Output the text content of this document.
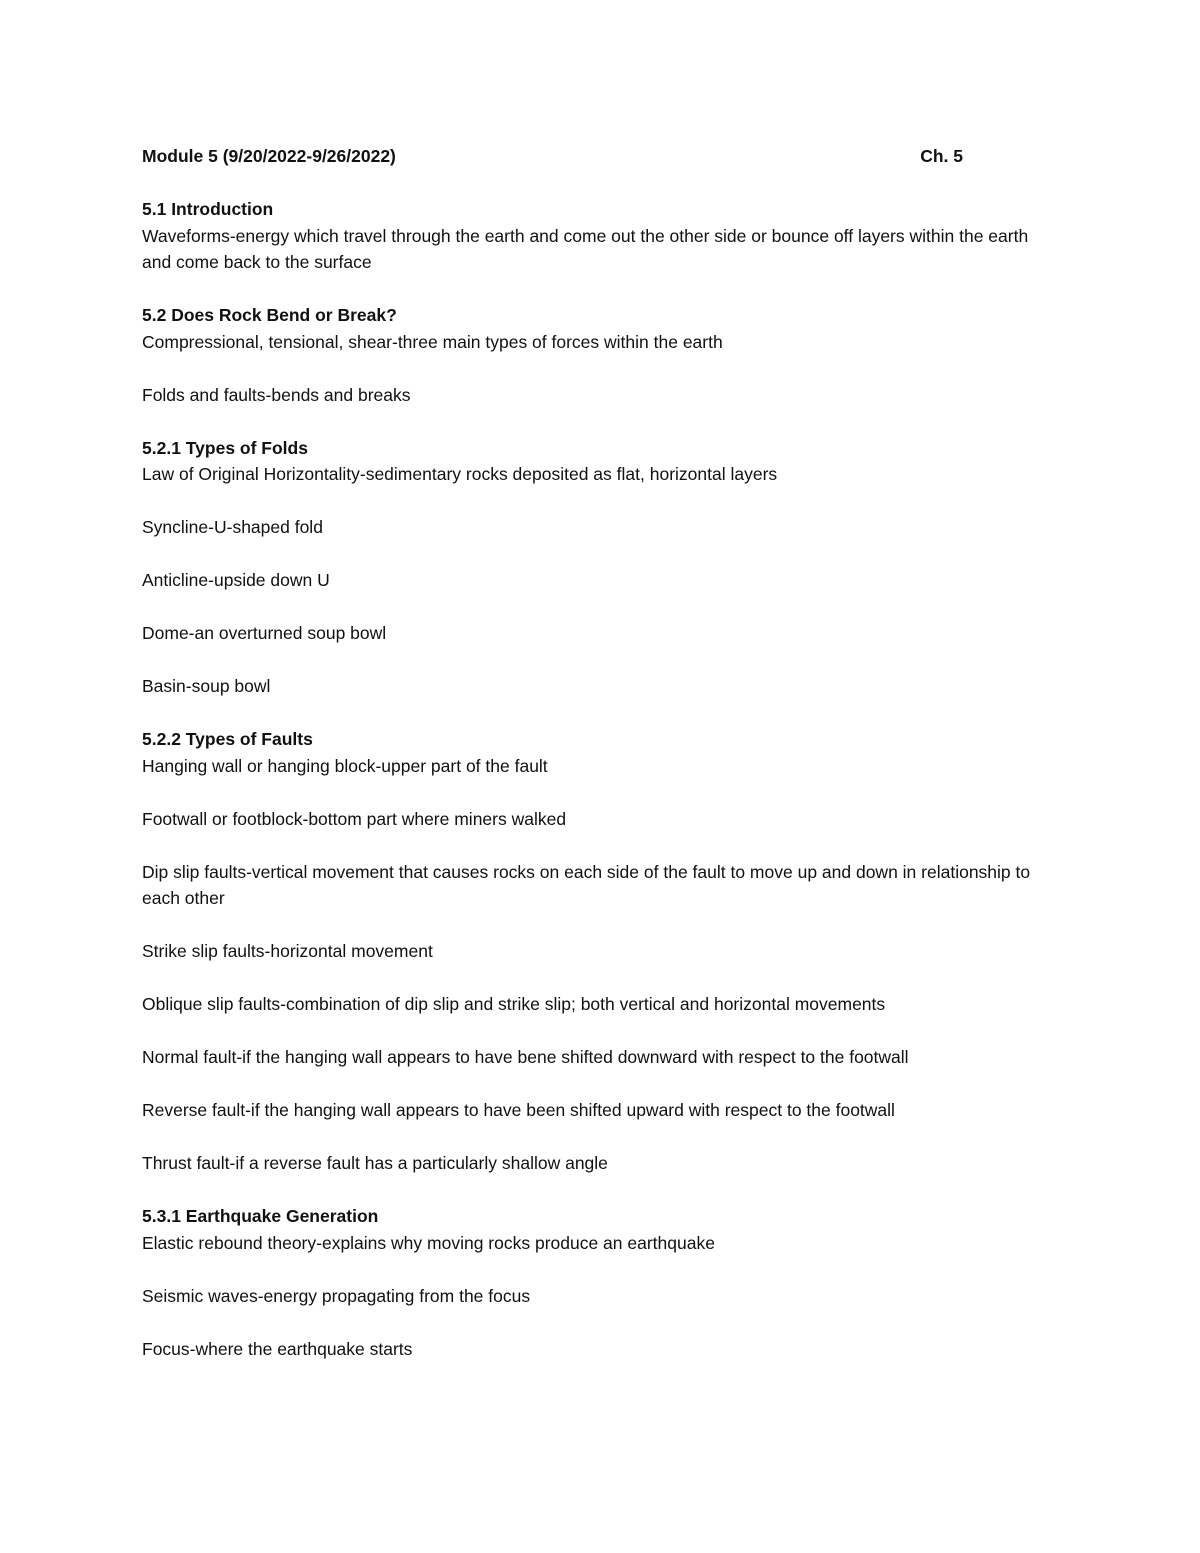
Module 5 (9/20/2022-9/26/2022)	Ch. 5
5.1 Introduction
Waveforms-energy which travel through the earth and come out the other side or bounce off layers within the earth and come back to the surface
5.2 Does Rock Bend or Break?
Compressional, tensional, shear-three main types of forces within the earth
Folds and faults-bends and breaks
5.2.1 Types of Folds
Law of Original Horizontality-sedimentary rocks deposited as flat, horizontal layers
Syncline-U-shaped fold
Anticline-upside down U
Dome-an overturned soup bowl
Basin-soup bowl
5.2.2 Types of Faults
Hanging wall or hanging block-upper part of the fault
Footwall or footblock-bottom part where miners walked
Dip slip faults-vertical movement that causes rocks on each side of the fault to move up and down in relationship to each other
Strike slip faults-horizontal movement
Oblique slip faults-combination of dip slip and strike slip; both vertical and horizontal movements
Normal fault-if the hanging wall appears to have bene shifted downward with respect to the footwall
Reverse fault-if the hanging wall appears to have been shifted upward with respect to the footwall
Thrust fault-if a reverse fault has a particularly shallow angle
5.3.1 Earthquake Generation
Elastic rebound theory-explains why moving rocks produce an earthquake
Seismic waves-energy propagating from the focus
Focus-where the earthquake starts
